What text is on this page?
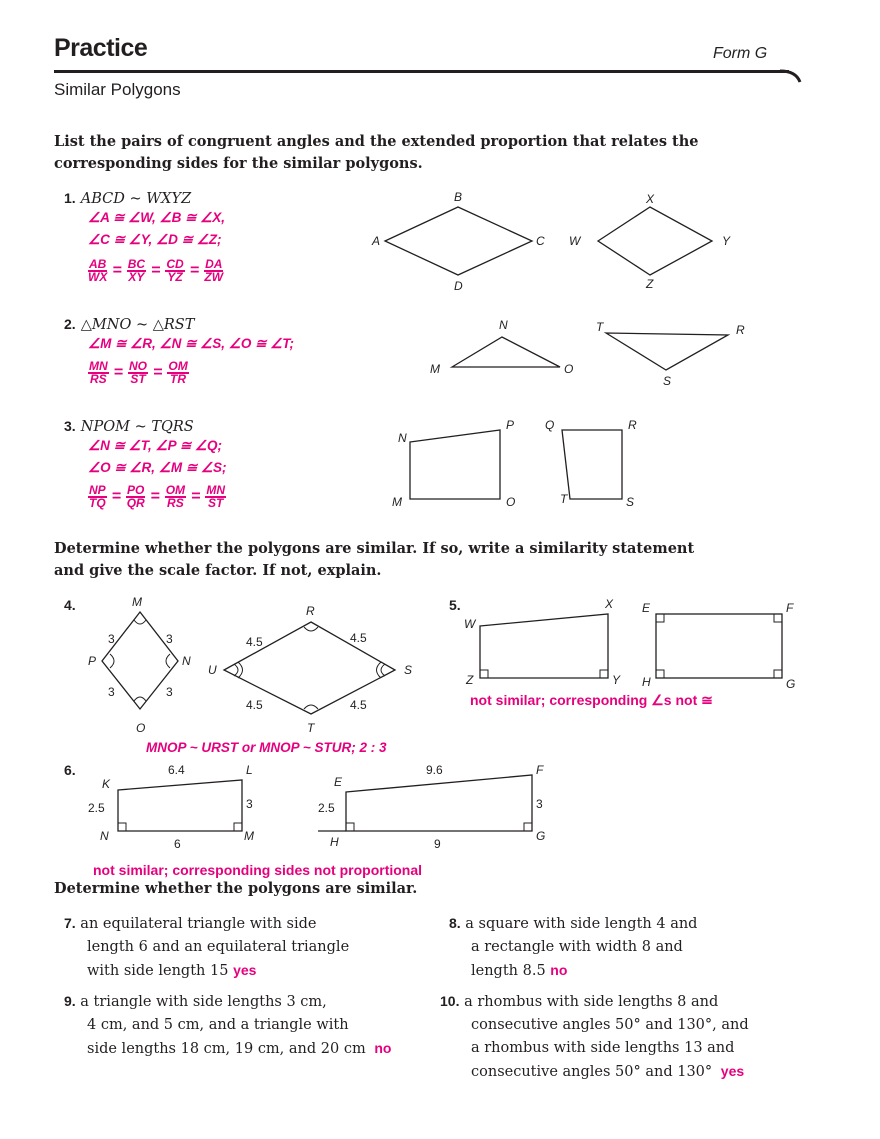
Practice	Form G
Similar Polygons
List the pairs of congruent angles and the extended proportion that relates the
corresponding sides for the similar polygons.
1. ABCD ~ WXYZ
∠A ≅ ∠W, ∠B ≅ ∠X,
∠C ≅ ∠Y, ∠D ≅ ∠Z;
$\frac{AB}{WX} = \frac{BC}{XY} = \frac{CD}{YZ} = \frac{DA}{ZW}$
2. △MNO ~ △RST
∠M ≅ ∠R, ∠N ≅ ∠S, ∠O ≅ ∠T;
$\frac{MN}{RS} = \frac{NO}{ST} = \frac{OM}{TR}$
3. NPOM ~ TQRS
∠N ≅ ∠T, ∠P ≅ ∠Q;
∠O ≅ ∠R, ∠M ≅ ∠S;
$\frac{NP}{TQ} = \frac{PO}{QR} = \frac{OM}{RS} = \frac{MN}{ST}$
A
B
C
D
W
X
Y
Z
M
N
O
T	R
S
N
P
M	O
Q	R
T	S
Determine whether the polygons are similar. If so, write a similarity statement
and give the scale factor. If not, explain.
4.	M
N
O
P
R
S
T
U
3	3
3	3
4.5	4.5
4.5	4.5
MNOP ~ URST or MNOP ~ STUR; 2 : 3
5.
W
X
Y
Z
E	F
G
H
not similar; corresponding ∠s not ≅
6.
K
L
M
N
E
F
G
H
6.4
2.5	3
6
9.6
2.5	3
9
not similar; corresponding sides not proportional
Determine whether the polygons are similar.
7. an equilateral triangle with side
length 6 and an equilateral triangle
with side length 15 yes
8. a square with side length 4 and
a rectangle with width 8 and
length 8.5 no
9. a triangle with side lengths 3 cm,
4 cm, and 5 cm, and a triangle with
side lengths 18 cm, 19 cm, and 20 cm no
10. a rhombus with side lengths 8 and
consecutive angles 50° and 130°, and
a rhombus with side lengths 13 and
consecutive angles 50° and 130° yes
